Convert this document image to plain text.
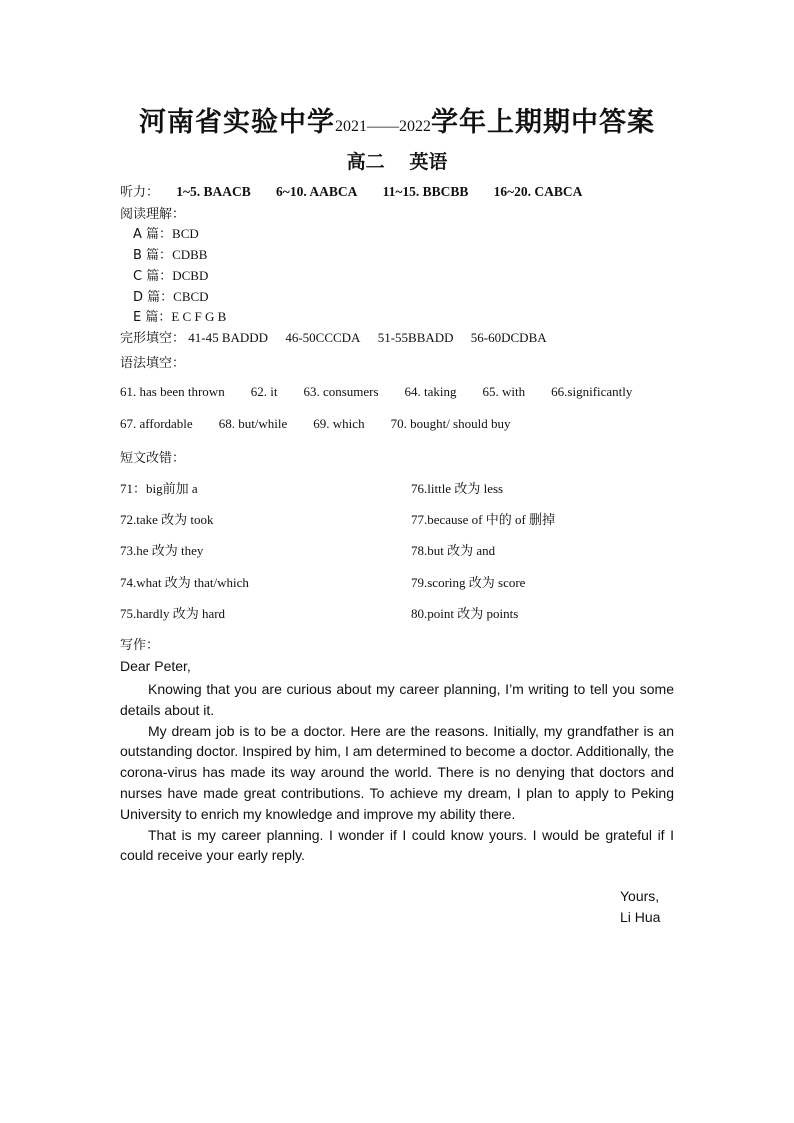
河南省实验中学2021——2022学年上期期中答案
高二 英语
听力： 1~5. BAACB 6~10. AABCA 11~15. BBCBB 16~20. CABCA
阅读理解：
A 篇：BCD
B 篇：CDBB
C 篇：DCBD
D 篇：CBCD
E 篇：E C F G B
完形填空： 41-45 BADDD 46-50CCCDA 51-55BBADD 56-60DCDBA
语法填空：
61. has been thrown 62. it 63. consumers 64. taking 65. with 66.significantly
67. affordable 68. but/while 69. which 70. bought/ should buy
短文改错：
71：big前加 a
72.take 改为 took
73.he 改为 they
74.what 改为 that/which
75.hardly 改为 hard
76.little 改为 less
77.because of 中的 of 删掉
78.but 改为 and
79.scoring 改为 score
80.point 改为 points
写作：
Dear Peter,

Knowing that you are curious about my career planning, I’m writing to tell you some details about it.

My dream job is to be a doctor. Here are the reasons. Initially, my grandfather is an outstanding doctor. Inspired by him, I am determined to become a doctor. Additionally, the corona-virus has made its way around the world. There is no denying that doctors and nurses have made great contributions. To achieve my dream, I plan to apply to Peking University to enrich my knowledge and improve my ability there.

That is my career planning. I wonder if I could know yours. I would be grateful if I could receive your early reply.

Yours,
Li Hua
